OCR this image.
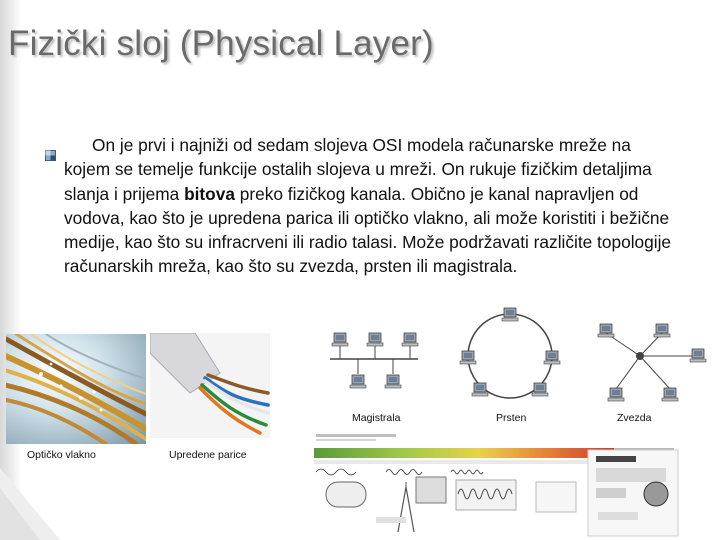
Fizički sloj (Physical Layer)
On je prvi i najniži od sedam slojeva OSI modela računarske mreže na kojem se temelje funkcije ostalih slojeva u mreži. On rukuje fizičkim detaljima slanja i prijema bitova preko fizičkog kanala. Obično je kanal napravljen od vodova, kao što je upredena parica ili optičko vlakno, ali može koristiti i bežične medije, kao što su infracrveni ili radio talasi. Može podržavati različite topologije računarskih mreža, kao što su zvezda, prsten ili magistrala.
Optičko vlakno	Upredene parice
Magistrala	Prsten	Zvezda
